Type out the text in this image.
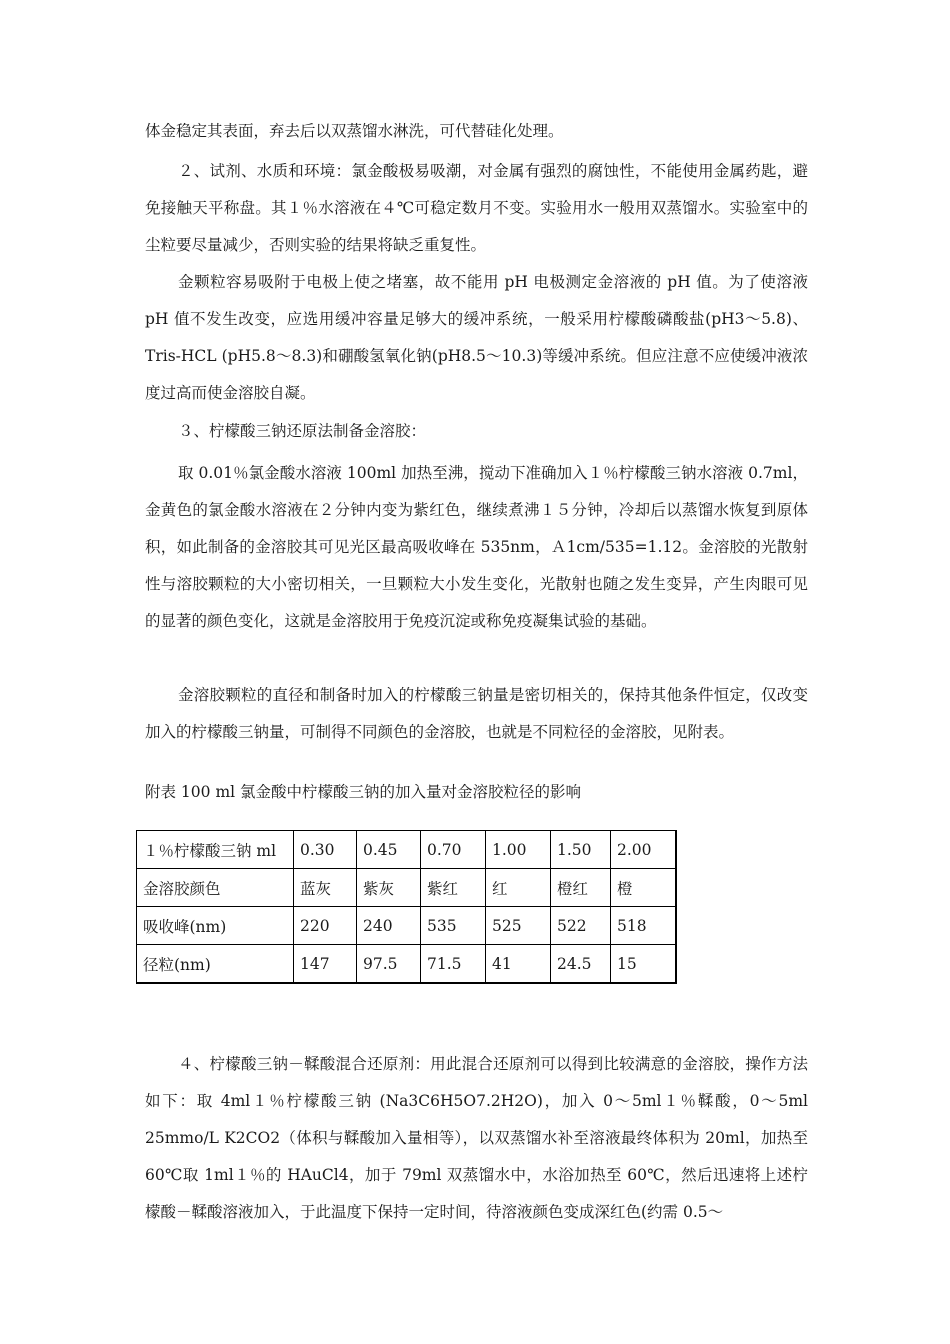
体金稳定其表面，弃去后以双蒸馏水淋洗，可代替硅化处理。

２、试剂、水质和环境：氯金酸极易吸潮，对金属有强烈的腐蚀性，不能使用金属药匙，避免接触天平称盘。其１％水溶液在４℃可稳定数月不变。实验用水一般用双蒸馏水。实验室中的尘粒要尽量减少，否则实验的结果将缺乏重复性。

金颗粒容易吸附于电极上使之堵塞，故不能用 pH 电极测定金溶液的 pH 值。为了使溶液 pH 值不发生改变，应选用缓冲容量足够大的缓冲系统，一般采用柠檬酸磷酸盐(pH3～5.8)、Tris-HCL (pH5.8～8.3)和硼酸氢氧化钠(pH8.5～10.3)等缓冲系统。但应注意不应使缓冲液浓度过高而使金溶胶自凝。

３、柠檬酸三钠还原法制备金溶胶：

取 0.01％氯金酸水溶液 100ml 加热至沸，搅动下准确加入１％柠檬酸三钠水溶液 0.7ml，金黄色的氯金酸水溶液在２分钟内变为紫红色，继续煮沸１５分钟，冷却后以蒸馏水恢复到原体积，如此制备的金溶胶其可见光区最高吸收峰在 535nm，Ａ1cm/535=1.12。金溶胶的光散射性与溶胶颗粒的大小密切相关，一旦颗粒大小发生变化，光散射也随之发生变异，产生肉眼可见的显著的颜色变化，这就是金溶胶用于免疫沉淀或称免疫凝集试验的基础。

金溶胶颗粒的直径和制备时加入的柠檬酸三钠量是密切相关的，保持其他条件恒定，仅改变加入的柠檬酸三钠量，可制得不同颜色的金溶胶，也就是不同粒径的金溶胶，见附表。

附表 100 ml 氯金酸中柠檬酸三钠的加入量对金溶胶粒径的影响
１％柠檬酸三钠 ml	0.30	0.45	0.70	1.00	1.50	2.00
金溶胶颜色	蓝灰	紫灰	紫红	红	橙红	橙
吸收峰(nm)	220	240	535	525	522	518
径粒(nm)	147	97.5	71.5	41	24.5	15

４、柠檬酸三钠－鞣酸混合还原剂：用此混合还原剂可以得到比较满意的金溶胶，操作方法如下：取 4ml１％柠檬酸三钠 (Na3C6H5O7.2H2O)，加入 0～5ml１％鞣酸，0～5ml 25mmo/L K2CO2（体积与鞣酸加入量相等），以双蒸馏水补至溶液最终体积为 20ml，加热至 60℃取 1ml１％的 HAuCl4，加于 79ml 双蒸馏水中，水浴加热至 60℃，然后迅速将上述柠檬酸－鞣酸溶液加入，于此温度下保持一定时间，待溶液颜色变成深红色(约需 0.5～
